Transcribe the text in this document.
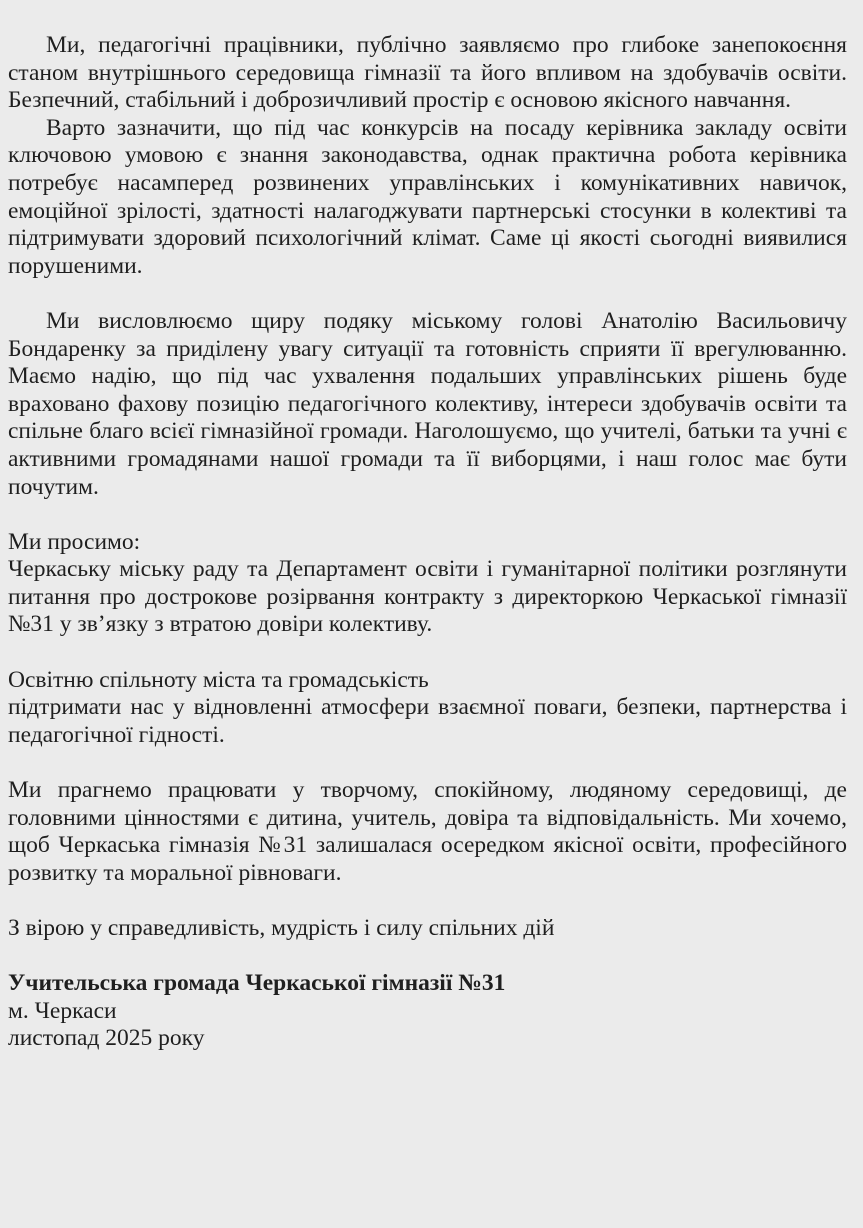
Ми, педагогічні працівники, публічно заявляємо про глибоке занепокоєння станом внутрішнього середовища гімназії та його впливом на здобувачів освіти. Безпечний, стабільний і доброзичливий простір є основою якісного навчання.

Варто зазначити, що під час конкурсів на посаду керівника закладу освіти ключовою умовою є знання законодавства, однак практична робота керівника потребує насамперед розвинених управлінських і комунікативних навичок, емоційної зрілості, здатності налагоджувати партнерські стосунки в колективі та підтримувати здоровий психологічний клімат. Саме ці якості сьогодні виявилися порушеними.

Ми висловлюємо щиру подяку міському голові Анатолію Васильовичу Бондаренку за приділену увагу ситуації та готовність сприяти її врегулюванню. Маємо надію, що під час ухвалення подальших управлінських рішень буде враховано фахову позицію педагогічного колективу, інтереси здобувачів освіти та спільне благо всієї гімназійної громади. Наголошуємо, що учителі, батьки та учні є активними громадянами нашої громади та її виборцями, і наш голос має бути почутим.

Ми просимо:

Черкаську міську раду та Департамент освіти і гуманітарної політики розглянути питання про дострокове розірвання контракту з директоркою Черкаської гімназії №31 у зв’язку з втратою довіри колективу.

Освітню спільноту міста та громадськість

підтримати нас у відновленні атмосфери взаємної поваги, безпеки, партнерства і педагогічної гідності.

Ми прагнемо працювати у творчому, спокійному, людяному середовищі, де головними цінностями є дитина, учитель, довіра та відповідальність. Ми хочемо, щоб Черкаська гімназія №31 залишалася осередком якісної освіти, професійного розвитку та моральної рівноваги.

З вірою у справедливість, мудрість і силу спільних дій

Учительська громада Черкаської гімназії №31

м. Черкаси

листопад 2025 року
